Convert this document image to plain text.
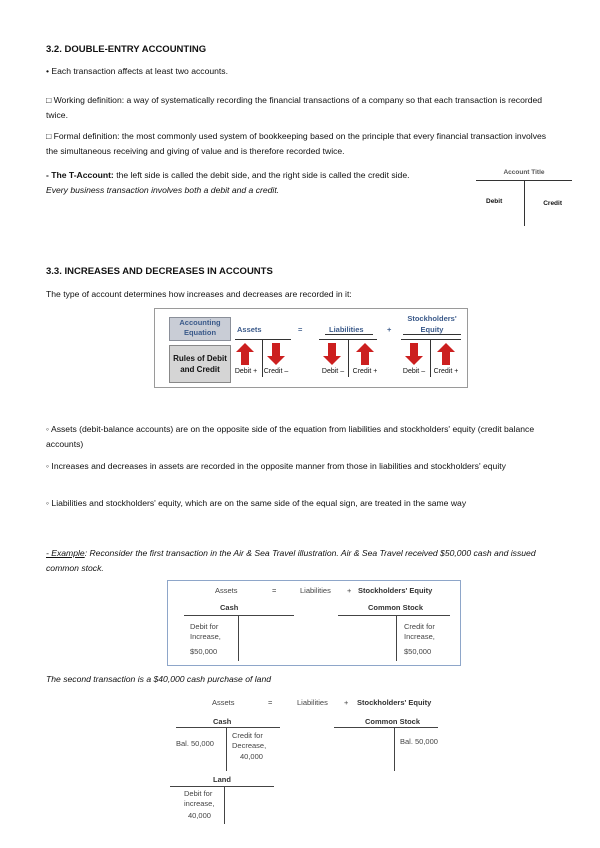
3.2. DOUBLE-ENTRY ACCOUNTING
• Each transaction affects at least two accounts.
□ Working definition: a way of systematically recording the financial transactions of a company so that each transaction is recorded twice.
□ Formal definition: the most commonly used system of bookkeeping based on the principle that every financial transaction involves the simultaneous receiving and giving of value and is therefore recorded twice.
- The T-Account: the left side is called the debit side, and the right side is called the credit side.
Every business transaction involves both a debit and a credit.
Account Title
Debit	Credit
3.3. INCREASES AND DECREASES IN ACCOUNTS
The type of account determines how increases and decreases are recorded in it:
Accounting Equation
Rules of Debit and Credit
Assets	=	Liabilities	+
Stockholders' Equity
Debit + Credit –	Debit –	Credit +	Debit –	Credit +
◦ Assets (debit-balance accounts) are on the opposite side of the equation from liabilities and stockholders' equity (credit balance accounts)
◦ Increases and decreases in assets are recorded in the opposite manner from those in liabilities and stockholders' equity
◦ Liabilities and stockholders' equity, which are on the same side of the equal sign, are treated in the same way
- Example: Reconsider the first transaction in the Air & Sea Travel illustration. Air & Sea Travel received $50,000 cash and issued common stock.
Assets	=	Liabilities + Stockholders' Equity
Cash	Common Stock
Debit for
Increase,
$50,000
Credit for
Increase,
$50,000
The second transaction is a $40,000 cash purchase of land
Assets	=	Liabilities + Stockholders' Equity
Cash	Common Stock
Bal. 50,000
Credit for
Decrease,
40,000
Bal. 50,000
Land
Debit for
increase,
40,000
